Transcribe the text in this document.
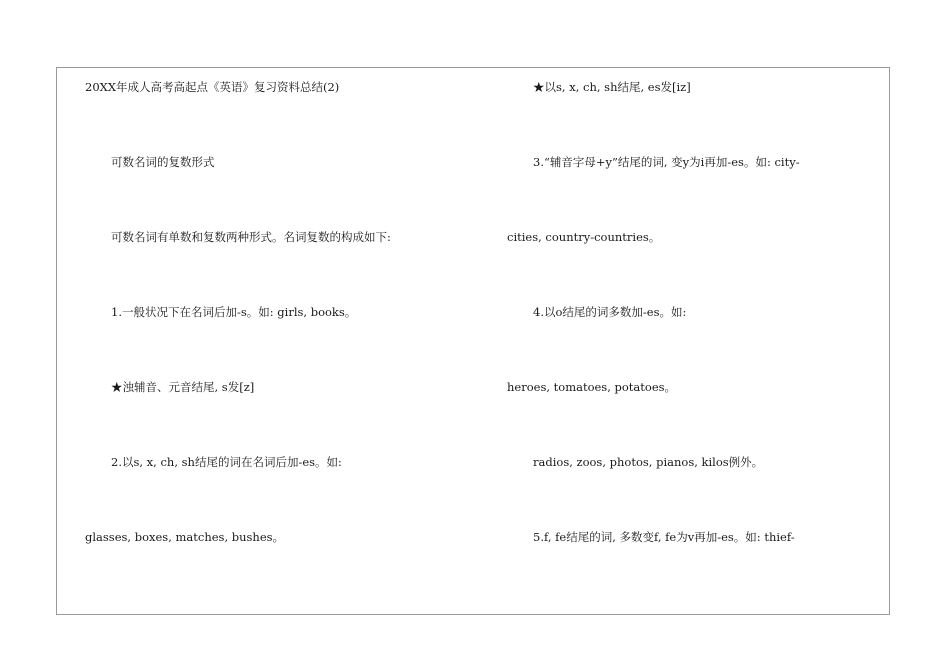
20XX年成人高考高起点《英语》复习资料总结(2)
可数名词的复数形式
可数名词有单数和复数两种形式。名词复数的构成如下:
1.一般状况下在名词后加-s。如: girls, books。
★浊辅音、元音结尾, s发[z]
2.以s, x, ch, sh结尾的词在名词后加-es。如:
glasses, boxes, matches, bushes。
★以s, x, ch, sh结尾, es发[iz]
3.“辅音字母+y”结尾的词, 变y为i再加-es。如: city-
cities, country-countries。
4.以o结尾的词多数加-es。如:
heroes, tomatoes, potatoes。
radios, zoos, photos, pianos, kilos例外。
5.f, fe结尾的词, 多数变f, fe为v再加-es。如: thief-
